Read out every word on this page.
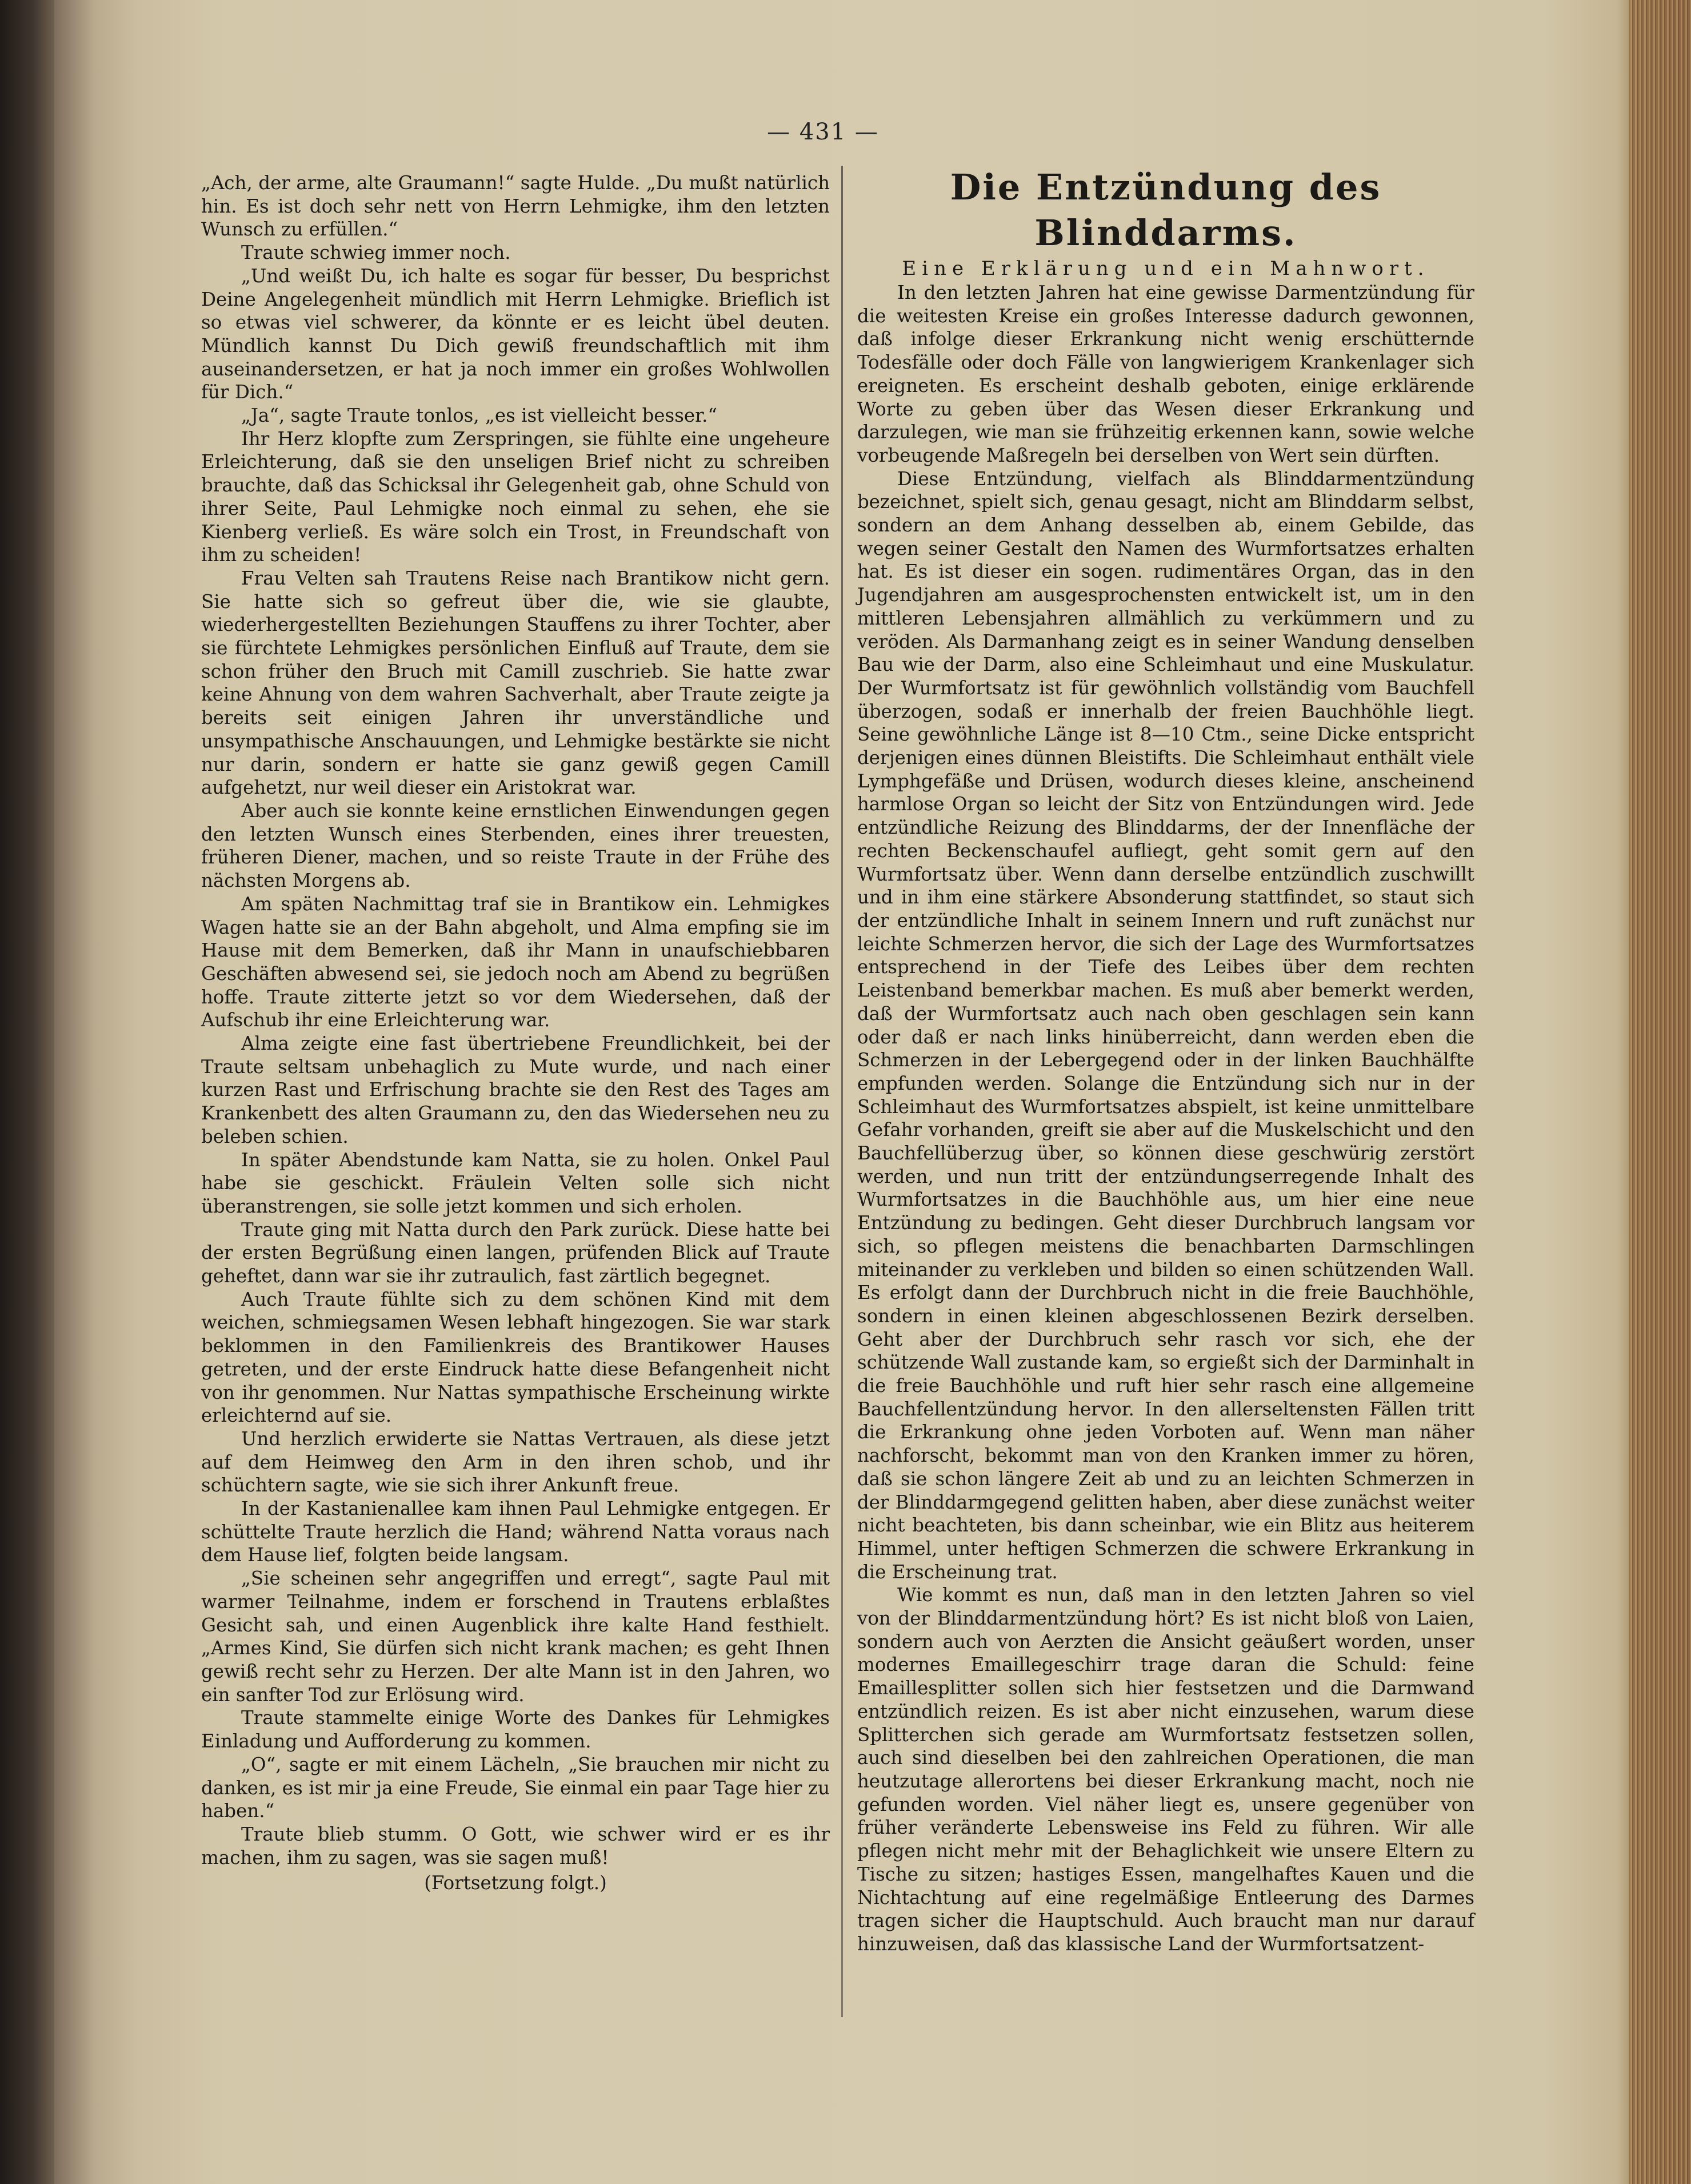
— 431 —

„Ach, der arme, alte Graumann!“ sagte Hulde. „Du mußt natürlich hin. Es ist doch sehr nett von Herrn Lehmigke, ihm den letzten Wunsch zu erfüllen.“

Traute schwieg immer noch.

„Und weißt Du, ich halte es sogar für besser, Du besprichst Deine Angelegenheit mündlich mit Herrn Lehmigke. Brieflich ist so etwas viel schwerer, da könnte er es leicht übel deuten. Mündlich kannst Du Dich gewiß freundschaftlich mit ihm auseinandersetzen, er hat ja noch immer ein großes Wohlwollen für Dich.“

„Ja“, sagte Traute tonlos, „es ist vielleicht besser.“

Ihr Herz klopfte zum Zerspringen, sie fühlte eine ungeheure Erleichterung, daß sie den unseligen Brief nicht zu schreiben brauchte, daß das Schicksal ihr Gelegenheit gab, ohne Schuld von ihrer Seite, Paul Lehmigke noch einmal zu sehen, ehe sie Kienberg verließ. Es wäre solch ein Trost, in Freundschaft von ihm zu scheiden!

Frau Velten sah Trautens Reise nach Brantikow nicht gern. Sie hatte sich so gefreut über die, wie sie glaubte, wiederhergestellten Beziehungen Stauffens zu ihrer Tochter, aber sie fürchtete Lehmigkes persönlichen Einfluß auf Traute, dem sie schon früher den Bruch mit Camill zuschrieb. Sie hatte zwar keine Ahnung von dem wahren Sachverhalt, aber Traute zeigte ja bereits seit einigen Jahren ihr unverständliche und unsympathische Anschauungen, und Lehmigke bestärkte sie nicht nur darin, sondern er hatte sie ganz gewiß gegen Camill aufgehetzt, nur weil dieser ein Aristokrat war.

Aber auch sie konnte keine ernstlichen Einwendungen gegen den letzten Wunsch eines Sterbenden, eines ihrer treuesten, früheren Diener, machen, und so reiste Traute in der Frühe des nächsten Morgens ab.

Am späten Nachmittag traf sie in Brantikow ein. Lehmigkes Wagen hatte sie an der Bahn abgeholt, und Alma empfing sie im Hause mit dem Bemerken, daß ihr Mann in unaufschiebbaren Geschäften abwesend sei, sie jedoch noch am Abend zu begrüßen hoffe. Traute zitterte jetzt so vor dem Wiedersehen, daß der Aufschub ihr eine Erleichterung war.

Alma zeigte eine fast übertriebene Freundlichkeit, bei der Traute seltsam unbehaglich zu Mute wurde, und nach einer kurzen Rast und Erfrischung brachte sie den Rest des Tages am Krankenbett des alten Graumann zu, den das Wiedersehen neu zu beleben schien.

In später Abendstunde kam Natta, sie zu holen. Onkel Paul habe sie geschickt. Fräulein Velten solle sich nicht überanstrengen, sie solle jetzt kommen und sich erholen.

Traute ging mit Natta durch den Park zurück. Diese hatte bei der ersten Begrüßung einen langen, prüfenden Blick auf Traute geheftet, dann war sie ihr zutraulich, fast zärtlich begegnet.

Auch Traute fühlte sich zu dem schönen Kind mit dem weichen, schmiegsamen Wesen lebhaft hingezogen. Sie war stark beklommen in den Familienkreis des Brantikower Hauses getreten, und der erste Eindruck hatte diese Befangenheit nicht von ihr genommen. Nur Nattas sympathische Erscheinung wirkte erleichternd auf sie.

Und herzlich erwiderte sie Nattas Vertrauen, als diese jetzt auf dem Heimweg den Arm in den ihren schob, und ihr schüchtern sagte, wie sie sich ihrer Ankunft freue.

In der Kastanienallee kam ihnen Paul Lehmigke entgegen. Er schüttelte Traute herzlich die Hand; während Natta voraus nach dem Hause lief, folgten beide langsam.

„Sie scheinen sehr angegriffen und erregt“, sagte Paul mit warmer Teilnahme, indem er forschend in Trautens erblaßtes Gesicht sah, und einen Augenblick ihre kalte Hand festhielt. „Armes Kind, Sie dürfen sich nicht krank machen; es geht Ihnen gewiß recht sehr zu Herzen. Der alte Mann ist in den Jahren, wo ein sanfter Tod zur Erlösung wird.

Traute stammelte einige Worte des Dankes für Lehmigkes Einladung und Aufforderung zu kommen.

„O“, sagte er mit einem Lächeln, „Sie brauchen mir nicht zu danken, es ist mir ja eine Freude, Sie einmal ein paar Tage hier zu haben.“

Traute blieb stumm. O Gott, wie schwer wird er es ihr machen, ihm zu sagen, was sie sagen muß!

(Fortsetzung folgt.)

Die Entzündung des Blinddarms.

Eine Erklärung und ein Mahnwort.

In den letzten Jahren hat eine gewisse Darmentzündung für die weitesten Kreise ein großes Interesse dadurch gewonnen, daß infolge dieser Erkrankung nicht wenig erschütternde Todesfälle oder doch Fälle von langwierigem Krankenlager sich ereigneten. Es erscheint deshalb geboten, einige erklärende Worte zu geben über das Wesen dieser Erkrankung und darzulegen, wie man sie frühzeitig erkennen kann, sowie welche vorbeugende Maßregeln bei derselben von Wert sein dürften.

Diese Entzündung, vielfach als Blinddarmentzündung bezeichnet, spielt sich, genau gesagt, nicht am Blinddarm selbst, sondern an dem Anhang desselben ab, einem Gebilde, das wegen seiner Gestalt den Namen des Wurmfortsatzes erhalten hat. Es ist dieser ein sogen. rudimentäres Organ, das in den Jugendjahren am ausgesprochensten entwickelt ist, um in den mittleren Lebensjahren allmählich zu verkümmern und zu veröden. Als Darmanhang zeigt es in seiner Wandung denselben Bau wie der Darm, also eine Schleimhaut und eine Muskulatur. Der Wurmfortsatz ist für gewöhnlich vollständig vom Bauchfell überzogen, sodaß er innerhalb der freien Bauchhöhle liegt. Seine gewöhnliche Länge ist 8—10 Ctm., seine Dicke entspricht derjenigen eines dünnen Bleistifts. Die Schleimhaut enthält viele Lymphgefäße und Drüsen, wodurch dieses kleine, anscheinend harmlose Organ so leicht der Sitz von Entzündungen wird. Jede entzündliche Reizung des Blinddarms, der der Innenfläche der rechten Beckenschaufel aufliegt, geht somit gern auf den Wurmfortsatz über. Wenn dann derselbe entzündlich zuschwillt und in ihm eine stärkere Absonderung stattfindet, so staut sich der entzündliche Inhalt in seinem Innern und ruft zunächst nur leichte Schmerzen hervor, die sich der Lage des Wurmfortsatzes entsprechend in der Tiefe des Leibes über dem rechten Leistenband bemerkbar machen. Es muß aber bemerkt werden, daß der Wurmfortsatz auch nach oben geschlagen sein kann oder daß er nach links hinüberreicht, dann werden eben die Schmerzen in der Lebergegend oder in der linken Bauchhälfte empfunden werden. Solange die Entzündung sich nur in der Schleimhaut des Wurmfortsatzes abspielt, ist keine unmittelbare Gefahr vorhanden, greift sie aber auf die Muskelschicht und den Bauchfellüberzug über, so können diese geschwürig zerstört werden, und nun tritt der entzündungserregende Inhalt des Wurmfortsatzes in die Bauchhöhle aus, um hier eine neue Entzündung zu bedingen. Geht dieser Durchbruch langsam vor sich, so pflegen meistens die benachbarten Darmschlingen miteinander zu verkleben und bilden so einen schützenden Wall. Es erfolgt dann der Durchbruch nicht in die freie Bauchhöhle, sondern in einen kleinen abgeschlossenen Bezirk derselben. Geht aber der Durchbruch sehr rasch vor sich, ehe der schützende Wall zustande kam, so ergießt sich der Darminhalt in die freie Bauchhöhle und ruft hier sehr rasch eine allgemeine Bauchfellentzündung hervor. In den allerseltensten Fällen tritt die Erkrankung ohne jeden Vorboten auf. Wenn man näher nachforscht, bekommt man von den Kranken immer zu hören, daß sie schon längere Zeit ab und zu an leichten Schmerzen in der Blinddarmgegend gelitten haben, aber diese zunächst weiter nicht beachteten, bis dann scheinbar, wie ein Blitz aus heiterem Himmel, unter heftigen Schmerzen die schwere Erkrankung in die Erscheinung trat.

Wie kommt es nun, daß man in den letzten Jahren so viel von der Blinddarmentzündung hört? Es ist nicht bloß von Laien, sondern auch von Aerzten die Ansicht geäußert worden, unser modernes Emaillegeschirr trage daran die Schuld: feine Emaillesplitter sollen sich hier festsetzen und die Darmwand entzündlich reizen. Es ist aber nicht einzusehen, warum diese Splitterchen sich gerade am Wurmfortsatz festsetzen sollen, auch sind dieselben bei den zahlreichen Operationen, die man heutzutage allerortens bei dieser Erkrankung macht, noch nie gefunden worden. Viel näher liegt es, unsere gegenüber von früher veränderte Lebensweise ins Feld zu führen. Wir alle pflegen nicht mehr mit der Behaglichkeit wie unsere Eltern zu Tische zu sitzen; hastiges Essen, mangelhaftes Kauen und die Nichtachtung auf eine regelmäßige Entleerung des Darmes tragen sicher die Hauptschuld. Auch braucht man nur darauf hinzuweisen, daß das klassische Land der Wurmfortsatzent-
